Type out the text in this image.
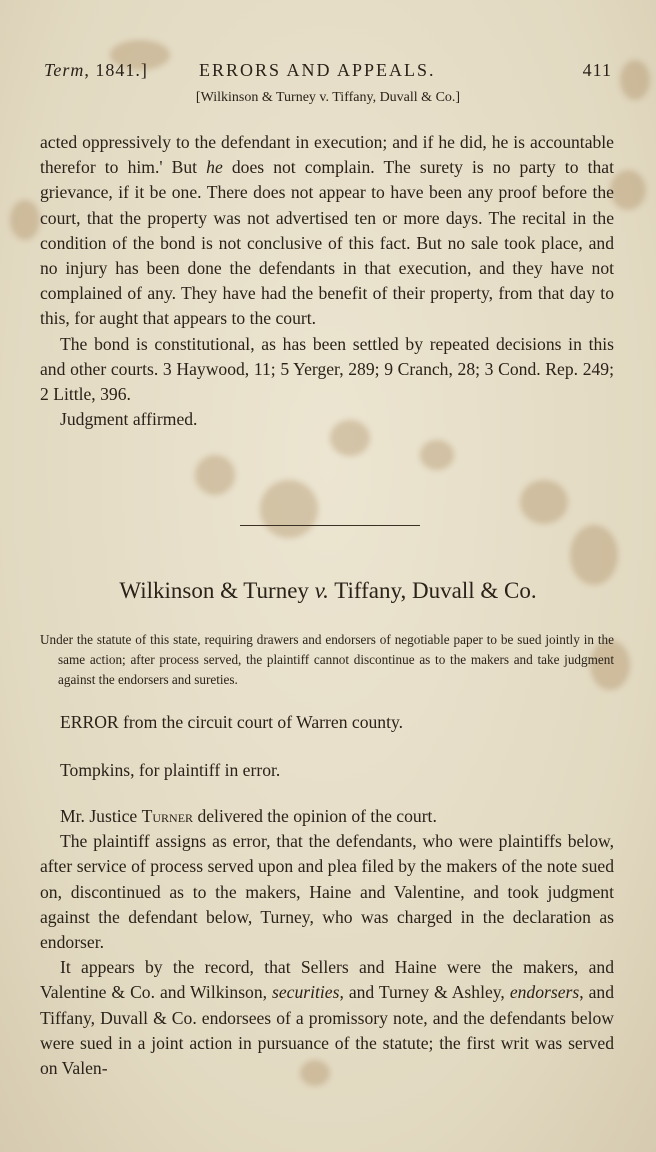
Term, 1841.]	ERRORS AND APPEALS.	411
[Wilkinson & Turney v. Tiffany, Duvall & Co.]

acted oppressively to the defendant in execution; and if he did, he is accountable therefor to him.' But he does not complain. The surety is no party to that grievance, if it be one. There does not appear to have been any proof before the court, that the property was not advertised ten or more days. The recital in the condition of the bond is not conclusive of this fact. But no sale took place, and no injury has been done the defendants in that execution, and they have not complained of any. They have had the benefit of their property, from that day to this, for aught that appears to the court.

The bond is constitutional, as has been settled by repeated decisions in this and other courts. 3 Haywood, 11; 5 Yerger, 289; 9 Cranch, 28; 3 Cond. Rep. 249; 2 Little, 396.

Judgment affirmed.

Wilkinson & Turney v. Tiffany, Duvall & Co.

Under the statute of this state, requiring drawers and endorsers of negotiable paper to be sued jointly in the same action; after process served, the plaintiff cannot discontinue as to the makers and take judgment against the endorsers and sureties.

ERROR from the circuit court of Warren county.
Tompkins, for plaintiff in error.

Mr. Justice Turner delivered the opinion of the court.

The plaintiff assigns as error, that the defendants, who were plaintiffs below, after service of process served upon and plea filed by the makers of the note sued on, discontinued as to the makers, Haine and Valentine, and took judgment against the defendant below, Turney, who was charged in the declaration as endorser.

It appears by the record, that Sellers and Haine were the makers, and Valentine & Co. and Wilkinson, securities, and Turney & Ashley, endorsers, and Tiffany, Duvall & Co. endorsees of a promissory note, and the defendants below were sued in a joint action in pursuance of the statute; the first writ was served on Valen-
